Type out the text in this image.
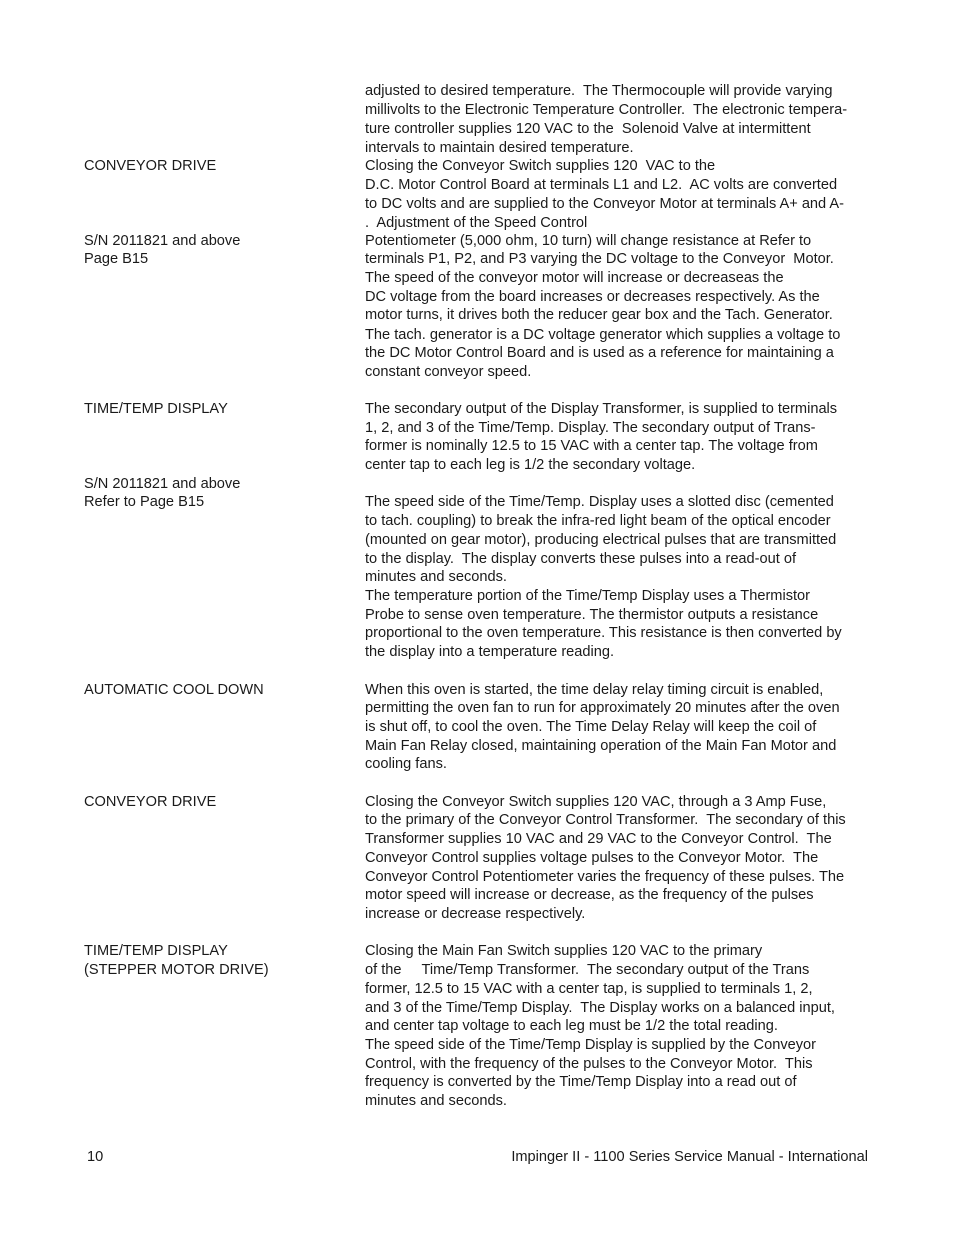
CONVEYOR DRIVE
S/N 2011821 and above
Page B15
TIME/TEMP DISPLAY
S/N 2011821 and above
Refer to Page B15
AUTOMATIC COOL DOWN
CONVEYOR DRIVE
TIME/TEMP DISPLAY
(STEPPER MOTOR DRIVE)
adjusted to desired temperature.  The Thermocouple will provide varying
millivolts to the Electronic Temperature Controller.  The electronic tempera-
ture controller supplies 120 VAC to the  Solenoid Valve at intermittent
intervals to maintain desired temperature.
Closing the Conveyor Switch supplies 120  VAC to the
D.C. Motor Control Board at terminals L1 and L2.  AC volts are converted
to DC volts and are supplied to the Conveyor Motor at terminals A+ and A-
.  Adjustment of the Speed Control
Potentiometer (5,000 ohm, 10 turn) will change resistance at Refer to
terminals P1, P2, and P3 varying the DC voltage to the Conveyor  Motor.
The speed of the conveyor motor will increase or decreaseas the
DC voltage from the board increases or decreases respectively. As the
motor turns, it drives both the reducer gear box and the Tach. Generator.
The tach. generator is a DC voltage generator which supplies a voltage to
the DC Motor Control Board and is used as a reference for maintaining a
constant conveyor speed.
The secondary output of the Display Transformer, is supplied to terminals
1, 2, and 3 of the Time/Temp. Display. The secondary output of Trans-
former is nominally 12.5 to 15 VAC with a center tap. The voltage from
center tap to each leg is 1/2 the secondary voltage.
The speed side of the Time/Temp. Display uses a slotted disc (cemented
to tach. coupling) to break the infra-red light beam of the optical encoder
(mounted on gear motor), producing electrical pulses that are transmitted
to the display.  The display converts these pulses into a read-out of
minutes and seconds.
The temperature portion of the Time/Temp Display uses a Thermistor
Probe to sense oven temperature. The thermistor outputs a resistance
proportional to the oven temperature. This resistance is then converted by
the display into a temperature reading.
When this oven is started, the time delay relay timing circuit is enabled,
permitting the oven fan to run for approximately 20 minutes after the oven
is shut off, to cool the oven. The Time Delay Relay will keep the coil of
Main Fan Relay closed, maintaining operation of the Main Fan Motor and
cooling fans.
Closing the Conveyor Switch supplies 120 VAC, through a 3 Amp Fuse,
to the primary of the Conveyor Control Transformer.  The secondary of this
Transformer supplies 10 VAC and 29 VAC to the Conveyor Control.  The
Conveyor Control supplies voltage pulses to the Conveyor Motor.  The
Conveyor Control Potentiometer varies the frequency of these pulses. The
motor speed will increase or decrease, as the frequency of the pulses
increase or decrease respectively.
Closing the Main Fan Switch supplies 120 VAC to the primary
of the     Time/Temp Transformer.  The secondary output of the Trans
former, 12.5 to 15 VAC with a center tap, is supplied to terminals 1, 2,
and 3 of the Time/Temp Display.  The Display works on a balanced input,
and center tap voltage to each leg must be 1/2 the total reading.
The speed side of the Time/Temp Display is supplied by the Conveyor
Control, with the frequency of the pulses to the Conveyor Motor.  This
frequency is converted by the Time/Temp Display into a read out of
minutes and seconds.
10	Impinger II - 1100 Series Service Manual - International
